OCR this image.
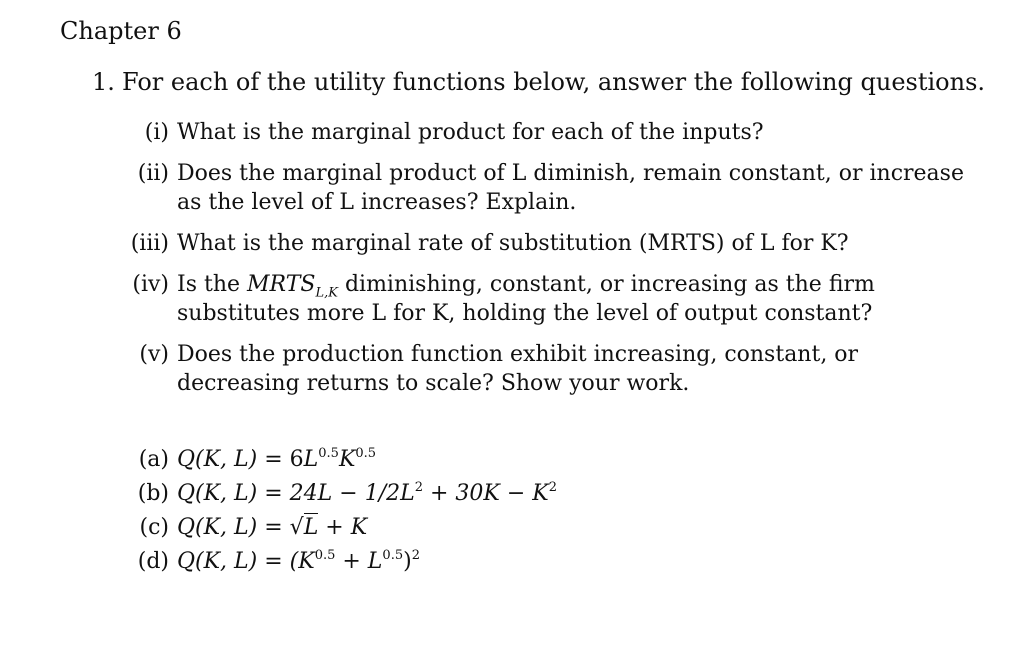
Chapter 6
1. For each of the utility functions below, answer the following questions.
(i) What is the marginal product for each of the inputs?
(ii) Does the marginal product of L diminish, remain constant, or increase as the level of L increases? Explain.
(iii) What is the marginal rate of substitution (MRTS) of L for K?
(iv) Is the $MRTS_{L,K}$ diminishing, constant, or increasing as the firm substitutes more L for K, holding the level of output constant?
(v) Does the production function exhibit increasing, constant, or decreasing returns to scale? Show your work.
(a) Q(K, $L) = 6L^{0.5}K^{0.5}$
(b) Q(K, $L) = 24L - 1/2L^2 + 30K - K^2$
(c) Q(K, L) = √L + K
(d) Q(K, $L) = (K^{0.5} + L^{0.5})^2$
